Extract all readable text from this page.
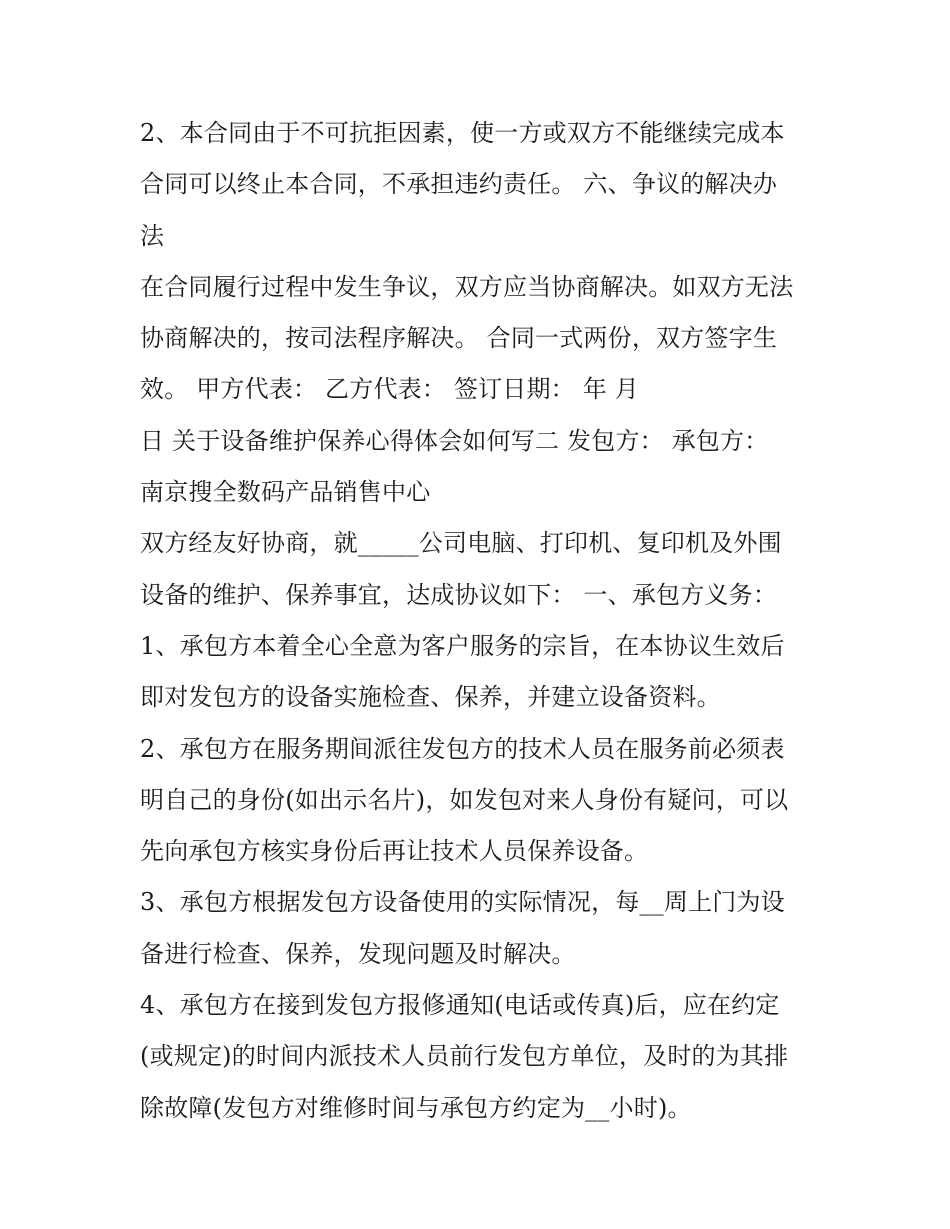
2、本合同由于不可抗拒因素，使一方或双方不能继续完成本
合同可以终止本合同，不承担违约责任。 六、争议的解决办
法
在合同履行过程中发生争议，双方应当协商解决。如双方无法
协商解决的，按司法程序解决。 合同一式两份，双方签字生
效。 甲方代表： 乙方代表： 签订日期： 年 月
日 关于设备维护保养心得体会如何写二 发包方： 承包方：
南京搜全数码产品销售中心
双方经友好协商，就_____公司电脑、打印机、复印机及外围
设备的维护、保养事宜，达成协议如下： 一、承包方义务：
1、承包方本着全心全意为客户服务的宗旨，在本协议生效后
即对发包方的设备实施检查、保养，并建立设备资料。
2、承包方在服务期间派往发包方的技术人员在服务前必须表
明自己的身份(如出示名片)，如发包对来人身份有疑问，可以
先向承包方核实身份后再让技术人员保养设备。
3、承包方根据发包方设备使用的实际情况，每__周上门为设
备进行检查、保养，发现问题及时解决。
4、承包方在接到发包方报修通知(电话或传真)后，应在约定
(或规定)的时间内派技术人员前行发包方单位，及时的为其排
除故障(发包方对维修时间与承包方约定为__小时)。
